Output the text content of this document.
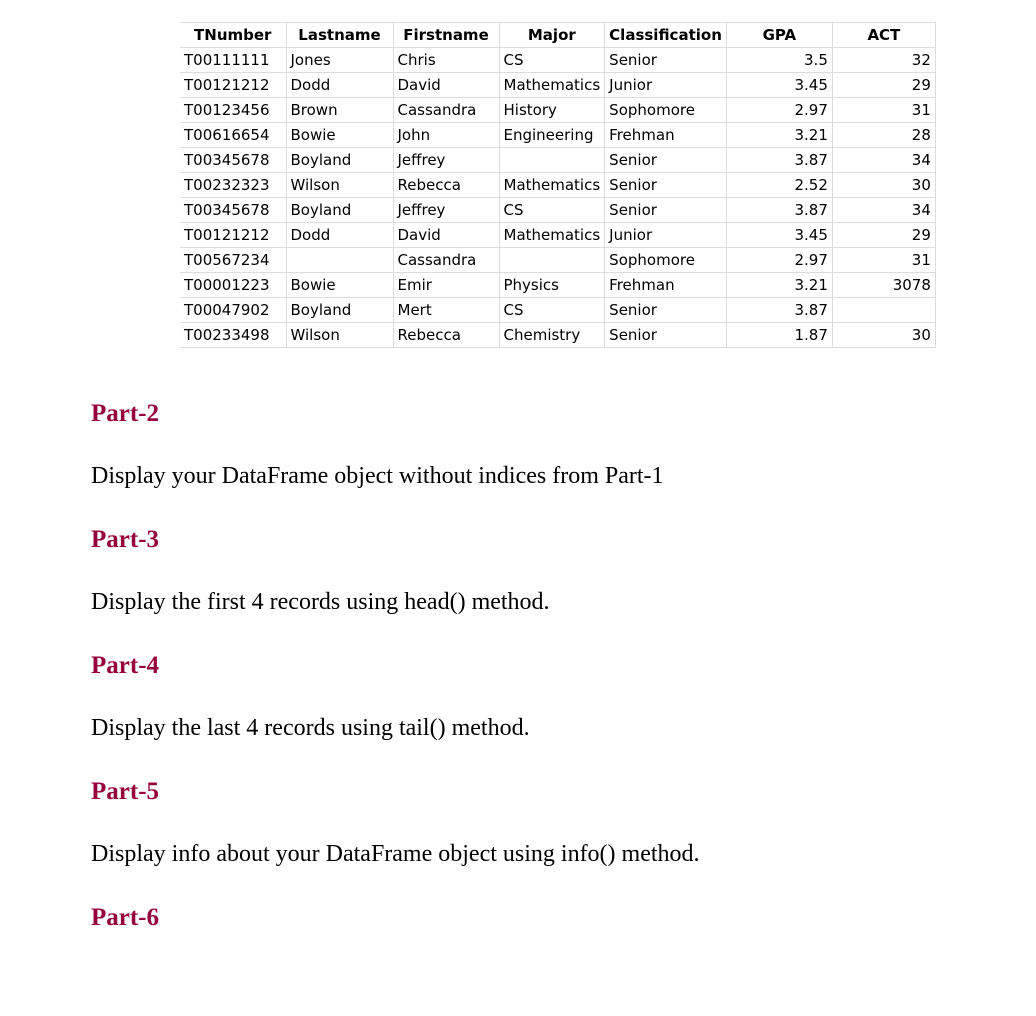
TNumber	Lastname	Firstname	Major	Classification	GPA	ACT
T00111111	Jones	Chris	CS	Senior	3.5	32
T00121212	Dodd	David	Mathematics	Junior	3.45	29
T00123456	Brown	Cassandra	History	Sophomore	2.97	31
T00616654	Bowie	John	Engineering	Frehman	3.21	28
T00345678	Boyland	Jeffrey		Senior	3.87	34
T00232323	Wilson	Rebecca	Mathematics	Senior	2.52	30
T00345678	Boyland	Jeffrey	CS	Senior	3.87	34
T00121212	Dodd	David	Mathematics	Junior	3.45	29
T00567234		Cassandra		Sophomore	2.97	31
T00001223	Bowie	Emir	Physics	Frehman	3.21	3078
T00047902	Boyland	Mert	CS	Senior	3.87	
T00233498	Wilson	Rebecca	Chemistry	Senior	1.87	30

Part-2

Display your DataFrame object without indices from Part-1

Part-3

Display the first 4 records using head() method.

Part-4

Display the last 4 records using tail() method.

Part-5

Display info about your DataFrame object using info() method.

Part-6
